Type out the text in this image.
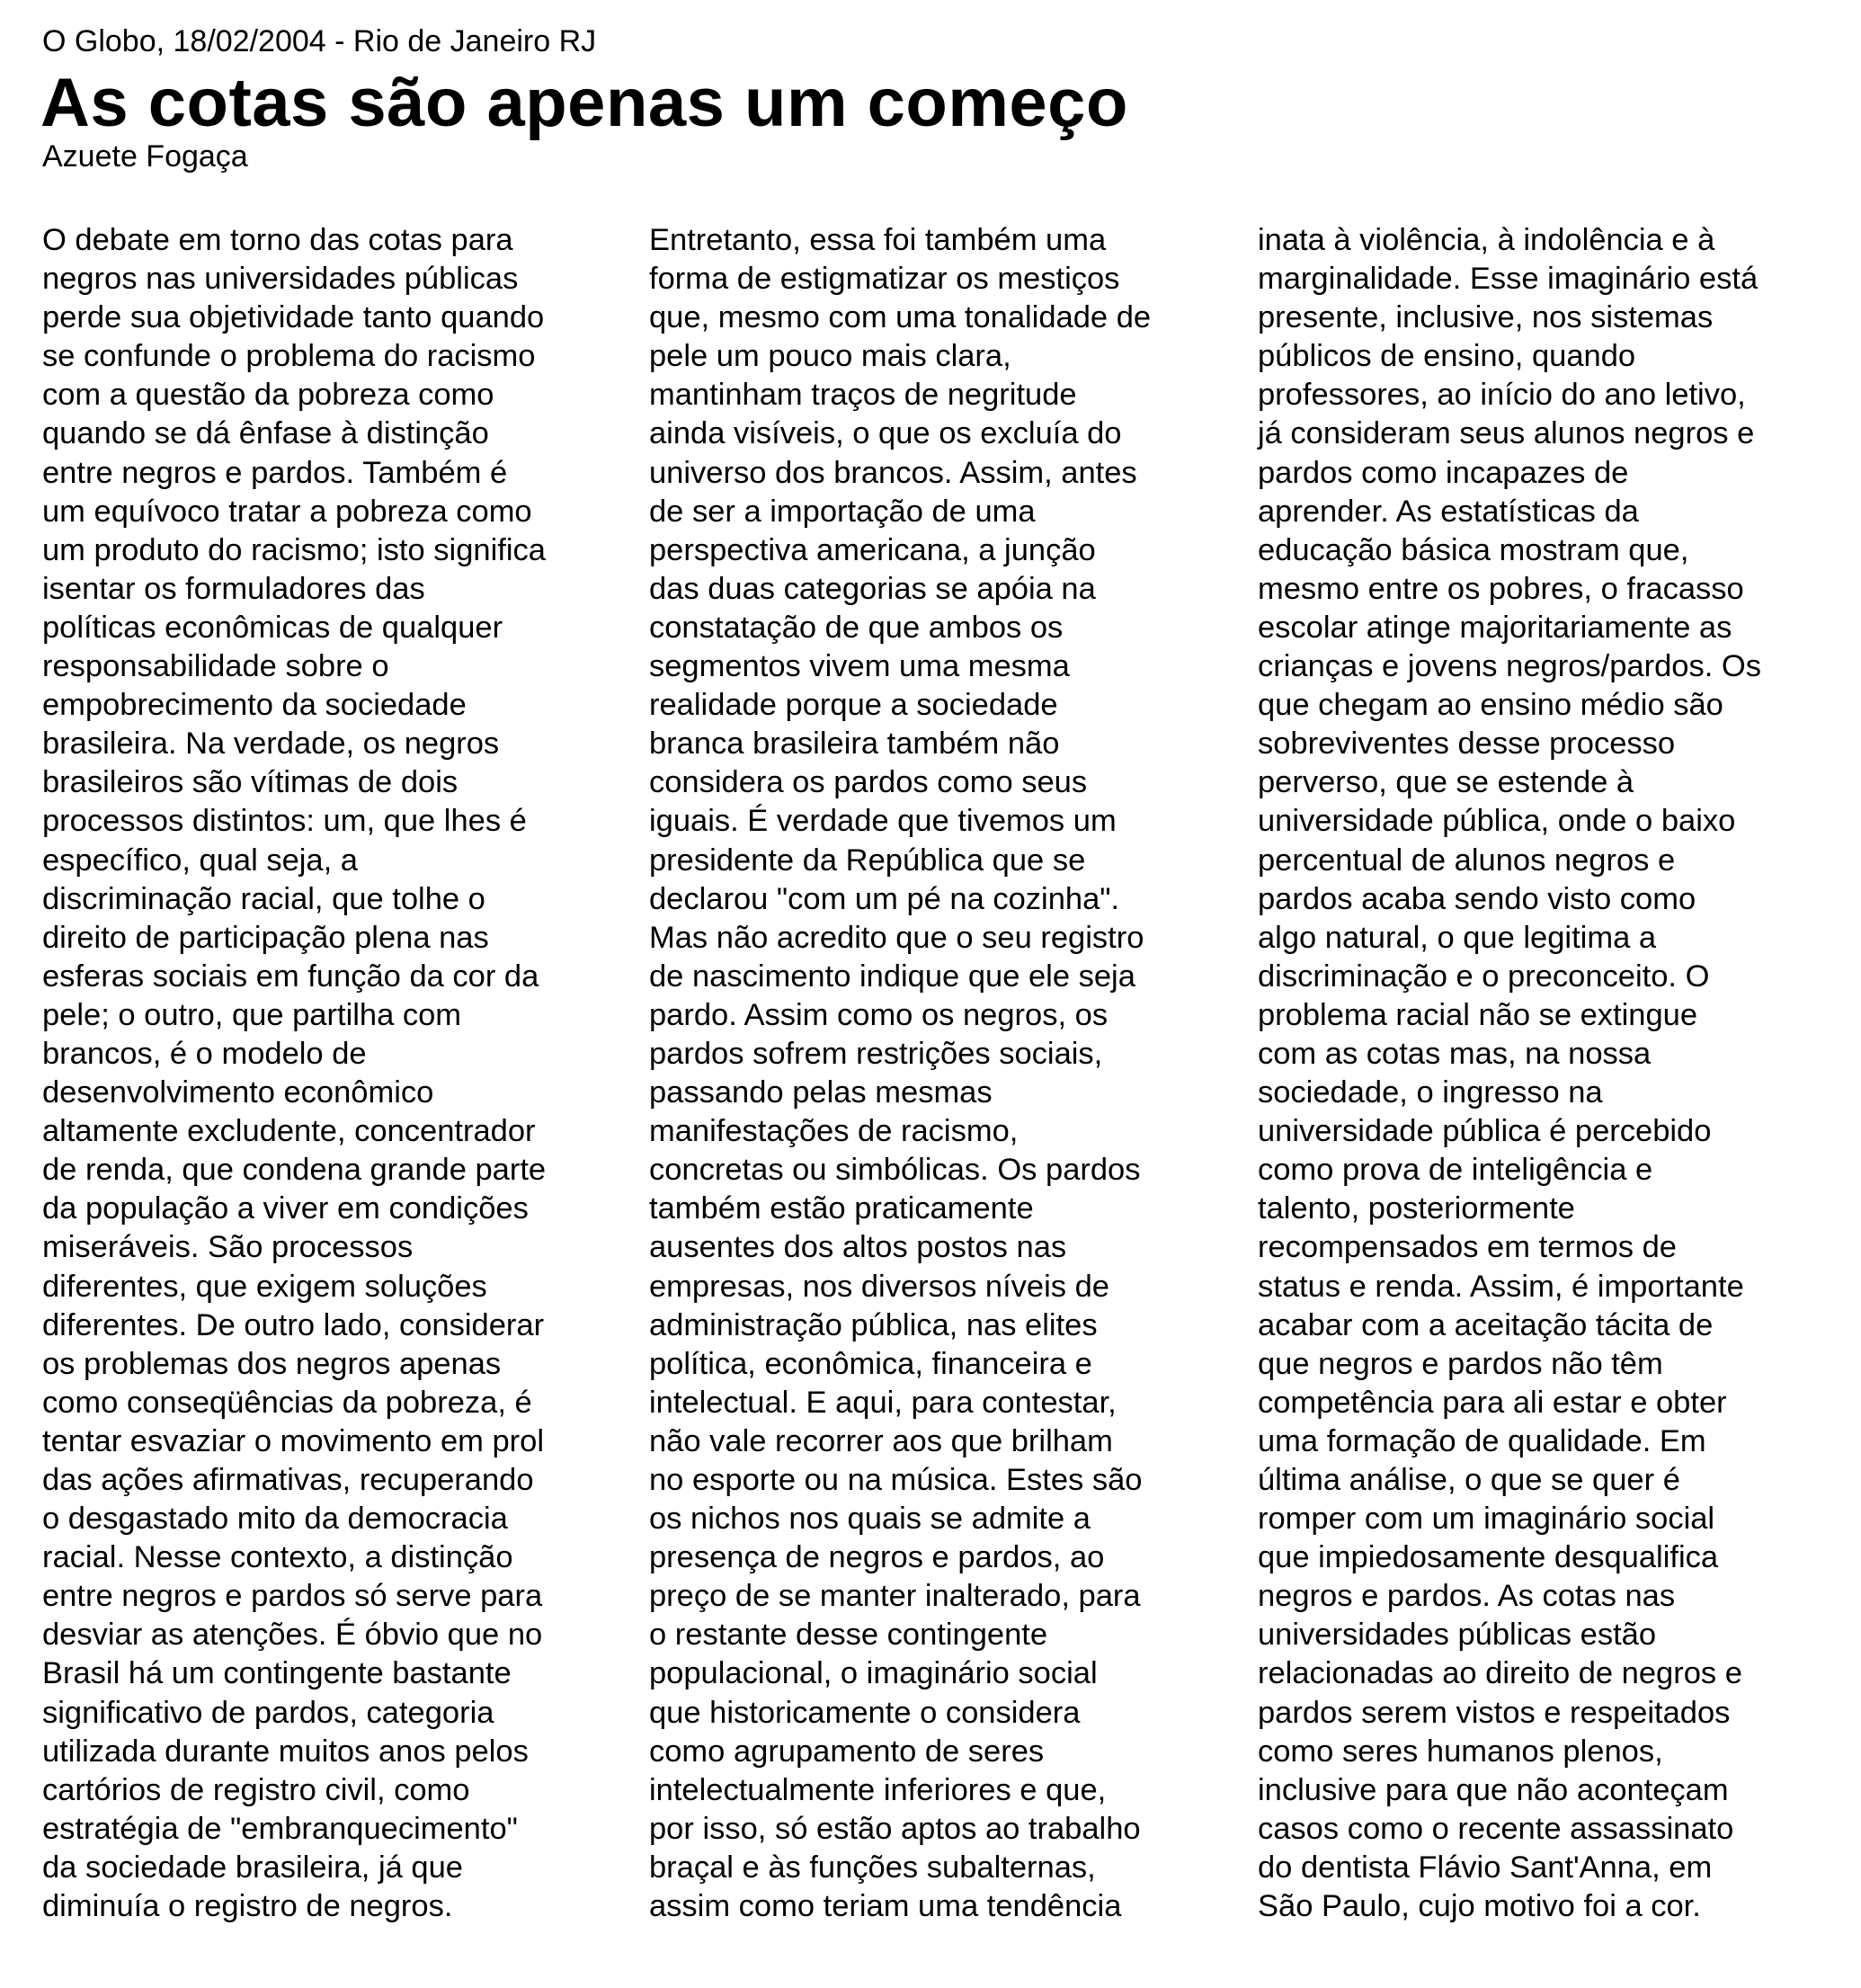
O Globo, 18/02/2004 - Rio de Janeiro RJ
As cotas são apenas um começo
Azuete Fogaça
O debate em torno das cotas para
negros nas universidades públicas
perde sua objetividade tanto quando
se confunde o problema do racismo
com a questão da pobreza como
quando se dá ênfase à distinção
entre negros e pardos. Também é
um equívoco tratar a pobreza como
um produto do racismo; isto significa
isentar os formuladores das
políticas econômicas de qualquer
responsabilidade sobre o
empobrecimento da sociedade
brasileira. Na verdade, os negros
brasileiros são vítimas de dois
processos distintos: um, que lhes é
específico, qual seja, a
discriminação racial, que tolhe o
direito de participação plena nas
esferas sociais em função da cor da
pele; o outro, que partilha com
brancos, é o modelo de
desenvolvimento econômico
altamente excludente, concentrador
de renda, que condena grande parte
da população a viver em condições
miseráveis. São processos
diferentes, que exigem soluções
diferentes. De outro lado, considerar
os problemas dos negros apenas
como conseqüências da pobreza, é
tentar esvaziar o movimento em prol
das ações afirmativas, recuperando
o desgastado mito da democracia
racial. Nesse contexto, a distinção
entre negros e pardos só serve para
desviar as atenções. É óbvio que no
Brasil há um contingente bastante
significativo de pardos, categoria
utilizada durante muitos anos pelos
cartórios de registro civil, como
estratégia de "embranquecimento"
da sociedade brasileira, já que
diminuía o registro de negros.
Entretanto, essa foi também uma
forma de estigmatizar os mestiços
que, mesmo com uma tonalidade de
pele um pouco mais clara,
mantinham traços de negritude
ainda visíveis, o que os excluía do
universo dos brancos. Assim, antes
de ser a importação de uma
perspectiva americana, a junção
das duas categorias se apóia na
constatação de que ambos os
segmentos vivem uma mesma
realidade porque a sociedade
branca brasileira também não
considera os pardos como seus
iguais. É verdade que tivemos um
presidente da República que se
declarou "com um pé na cozinha".
Mas não acredito que o seu registro
de nascimento indique que ele seja
pardo. Assim como os negros, os
pardos sofrem restrições sociais,
passando pelas mesmas
manifestações de racismo,
concretas ou simbólicas. Os pardos
também estão praticamente
ausentes dos altos postos nas
empresas, nos diversos níveis de
administração pública, nas elites
política, econômica, financeira e
intelectual. E aqui, para contestar,
não vale recorrer aos que brilham
no esporte ou na música. Estes são
os nichos nos quais se admite a
presença de negros e pardos, ao
preço de se manter inalterado, para
o restante desse contingente
populacional, o imaginário social
que historicamente o considera
como agrupamento de seres
intelectualmente inferiores e que,
por isso, só estão aptos ao trabalho
braçal e às funções subalternas,
assim como teriam uma tendência
inata à violência, à indolência e à
marginalidade. Esse imaginário está
presente, inclusive, nos sistemas
públicos de ensino, quando
professores, ao início do ano letivo,
já consideram seus alunos negros e
pardos como incapazes de
aprender. As estatísticas da
educação básica mostram que,
mesmo entre os pobres, o fracasso
escolar atinge majoritariamente as
crianças e jovens negros/pardos. Os
que chegam ao ensino médio são
sobreviventes desse processo
perverso, que se estende à
universidade pública, onde o baixo
percentual de alunos negros e
pardos acaba sendo visto como
algo natural, o que legitima a
discriminação e o preconceito. O
problema racial não se extingue
com as cotas mas, na nossa
sociedade, o ingresso na
universidade pública é percebido
como prova de inteligência e
talento, posteriormente
recompensados em termos de
status e renda. Assim, é importante
acabar com a aceitação tácita de
que negros e pardos não têm
competência para ali estar e obter
uma formação de qualidade. Em
última análise, o que se quer é
romper com um imaginário social
que impiedosamente desqualifica
negros e pardos. As cotas nas
universidades públicas estão
relacionadas ao direito de negros e
pardos serem vistos e respeitados
como seres humanos plenos,
inclusive para que não aconteçam
casos como o recente assassinato
do dentista Flávio Sant'Anna, em
São Paulo, cujo motivo foi a cor.
